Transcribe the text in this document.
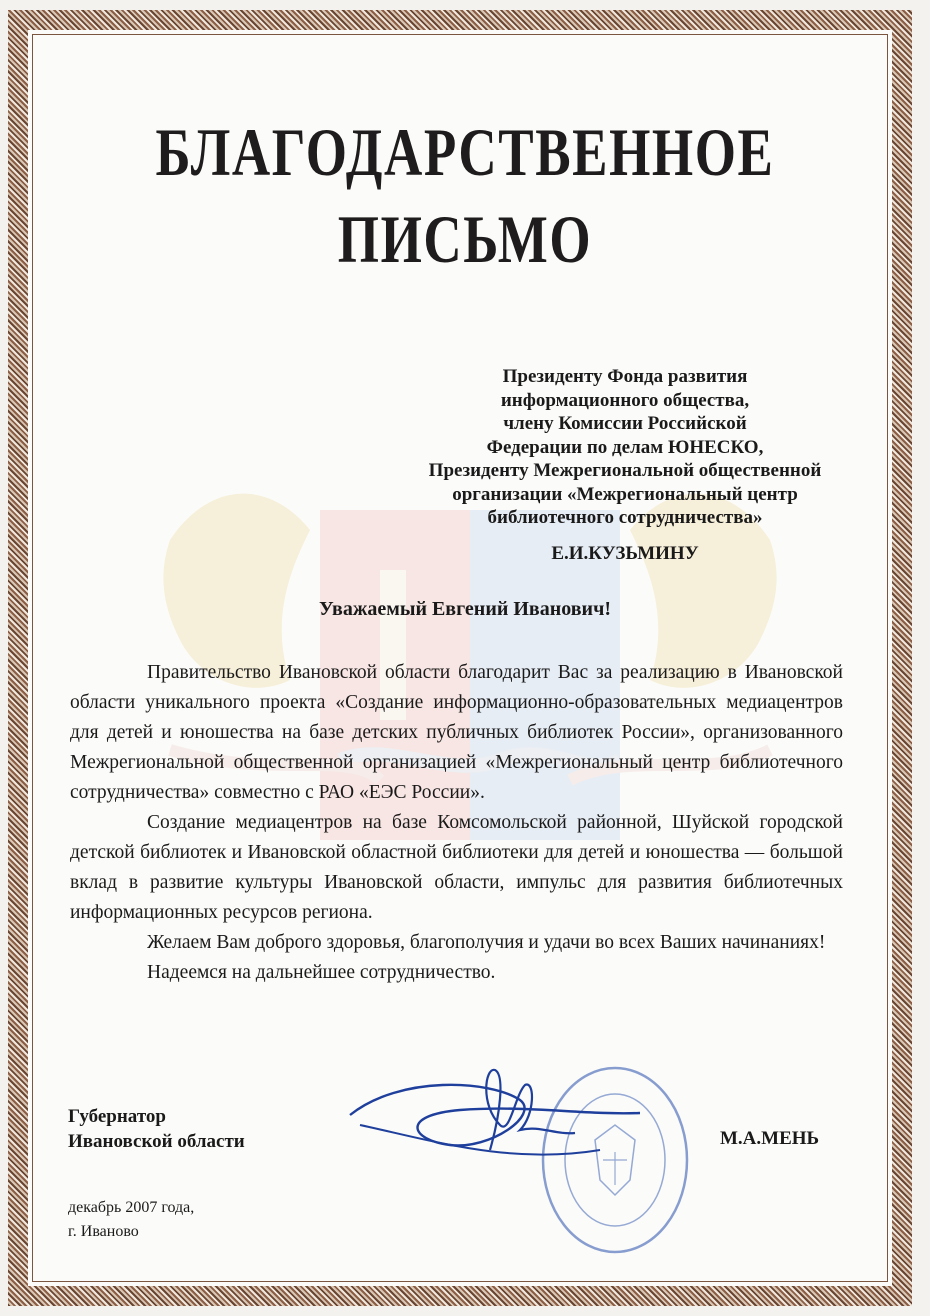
БЛАГОДАРСТВЕННОЕ
ПИСЬМО
Президенту Фонда развития
информационного общества,
члену Комиссии Российской
Федерации по делам ЮНЕСКО,
Президенту Межрегиональной общественной
организации «Межрегиональный центр
библиотечного сотрудничества»
Е.И.КУЗЬМИНУ
Уважаемый Евгений Иванович!

Правительство Ивановской области благодарит Вас за реализацию в Ивановской области уникального проекта «Создание информационно-образовательных медиацентров для детей и юношества на базе детских публичных библиотек России», организованного Межрегиональной общественной организацией «Межрегиональный центр библиотечного сотрудничества» совместно с РАО «ЕЭС России».

Создание медиацентров на базе Комсомольской районной, Шуйской городской детской библиотек и Ивановской областной библиотеки для детей и юношества — большой вклад в развитие культуры Ивановской области, импульс для развития библиотечных информационных ресурсов региона.

Желаем Вам доброго здоровья, благополучия и удачи во всех Ваших начинаниях!

Надеемся на дальнейшее сотрудничество.

Губернатор
Ивановской области	М.А.МЕНЬ
декабрь 2007 года,
г. Иваново
